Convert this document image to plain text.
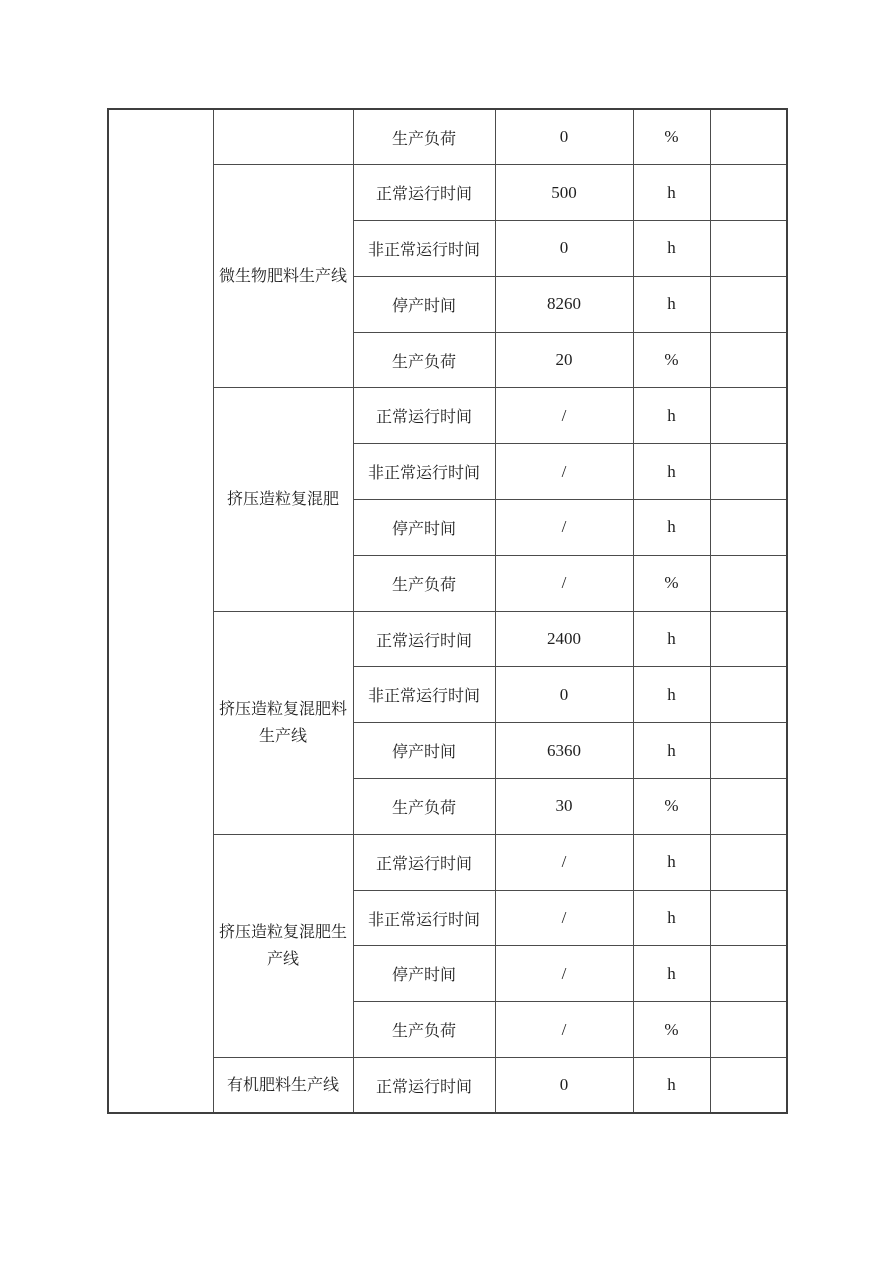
		生产负荷	0	%	
	微生物肥料生产线	正常运行时间	500	h	
		非正常运行时间	0	h	
		停产时间	8260	h	
		生产负荷	20	%	
	挤压造粒复混肥	正常运行时间	/	h	
		非正常运行时间	/	h	
		停产时间	/	h	
		生产负荷	/	%	
	挤压造粒复混肥料生产线	正常运行时间	2400	h	
		非正常运行时间	0	h	
		停产时间	6360	h	
		生产负荷	30	%	
	挤压造粒复混肥生产线	正常运行时间	/	h	
		非正常运行时间	/	h	
		停产时间	/	h	
		生产负荷	/	%	
	有机肥料生产线	正常运行时间	0	h	
